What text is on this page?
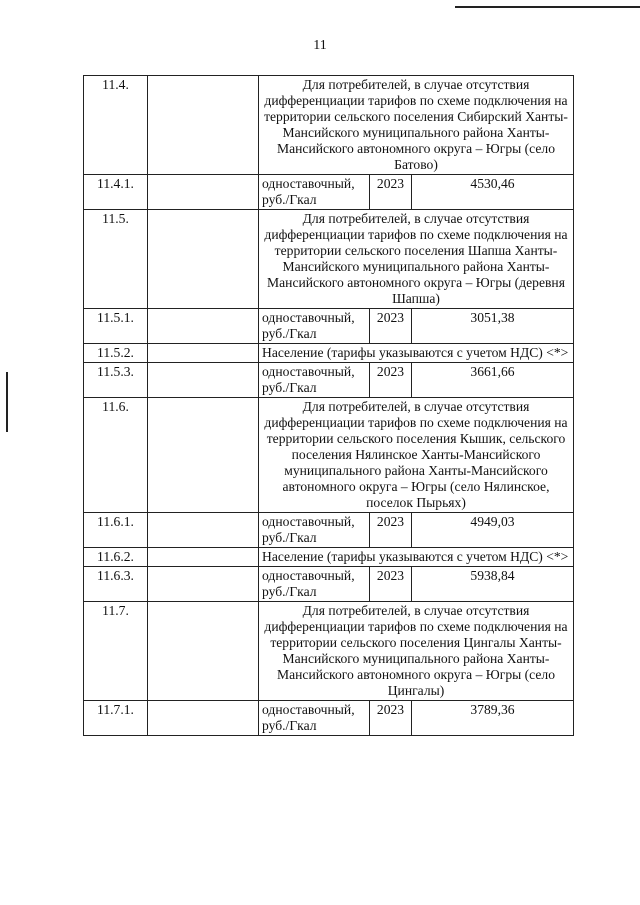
11
11.4.		Для потребителей, в случае отсутствия дифференциации тарифов по схеме подключения на территории сельского поселения Сибирский Ханты-Мансийского муниципального района Ханты-Мансийского автономного округа – Югры (село Батово)		
11.4.1.		одноставочный, руб./Гкал	2023	4530,46
11.5.		Для потребителей, в случае отсутствия дифференциации тарифов по схеме подключения на территории сельского поселения Шапша Ханты-Мансийского муниципального района Ханты-Мансийского автономного округа – Югры (деревня Шапша)		
11.5.1.		одноставочный, руб./Гкал	2023	3051,38
11.5.2.		Население (тарифы указываются с учетом НДС) <*>		
11.5.3.		одноставочный, руб./Гкал	2023	3661,66
11.6.		Для потребителей, в случае отсутствия дифференциации тарифов по схеме подключения на территории сельского поселения Кышик, сельского поселения Нялинское Ханты-Мансийского муниципального района Ханты-Мансийского автономного округа – Югры (село Нялинское, поселок Пырьях)		
11.6.1.		одноставочный, руб./Гкал	2023	4949,03
11.6.2.		Население (тарифы указываются с учетом НДС) <*>		
11.6.3.		одноставочный, руб./Гкал	2023	5938,84
11.7.		Для потребителей, в случае отсутствия дифференциации тарифов по схеме подключения на территории сельского поселения Цингалы Ханты-Мансийского муниципального района Ханты-Мансийского автономного округа – Югры (село Цингалы)		
11.7.1.		одноставочный, руб./Гкал	2023	3789,36
